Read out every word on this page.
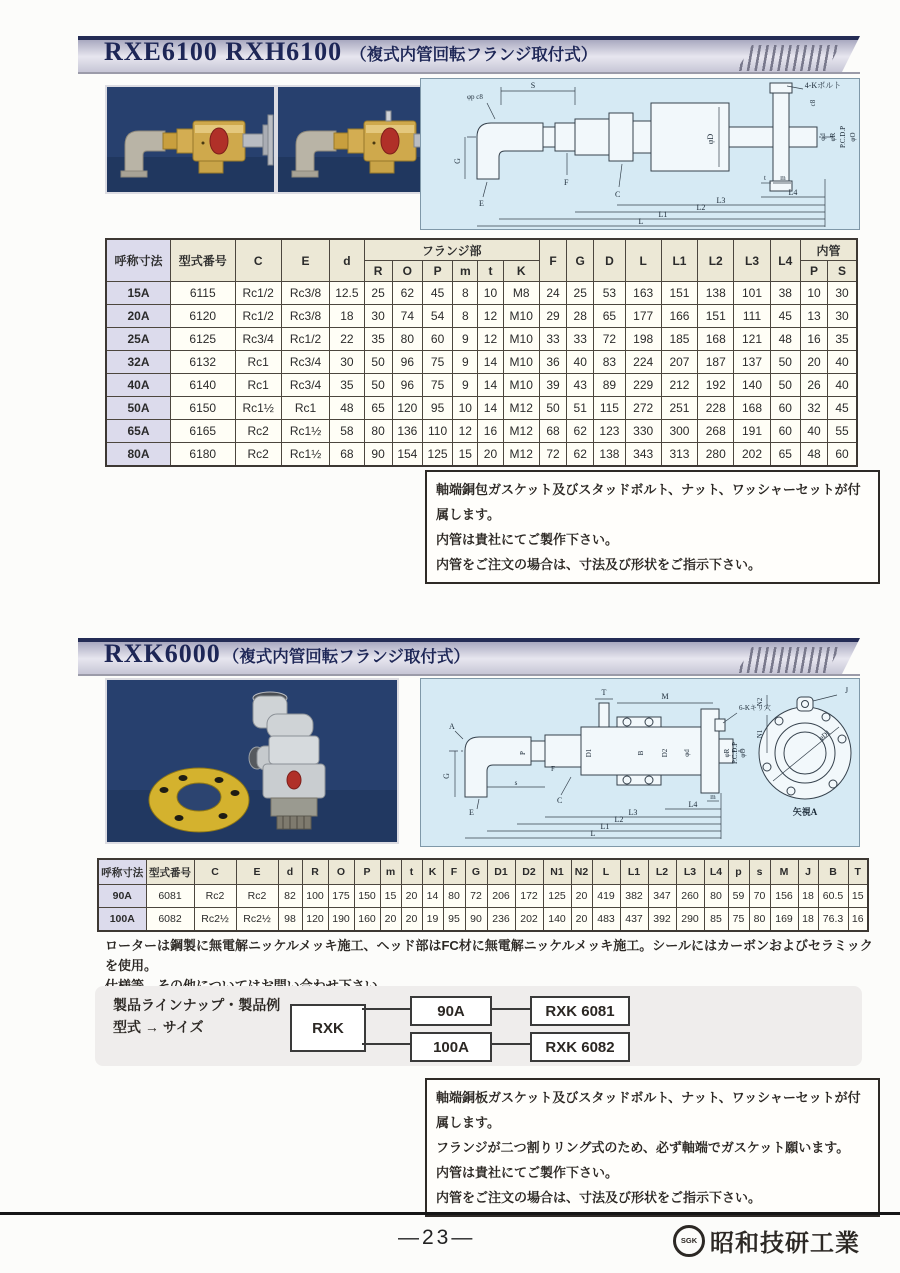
RXE6100 RXH6100 （複式内管回転フランジ取付式）
S
φp c8
4-Kボルト
G
E
F
C
φD
c8
φd φR P.C.D.P φO
t m
L4
L3
L2
L1
L
呼称寸法	型式番号	C	E	d	フランジ部						F	G	D	L	L1	L2	L3	L4	内管	
					R	O	P	m	t	K									P	S
15A	6115	Rc1/2	Rc3/8	12.5	25	62	45	8	10	M8	24	25	53	163	151	138	101	38	10	30
20A	6120	Rc1/2	Rc3/8	18	30	74	54	8	12	M10	29	28	65	177	166	151	111	45	13	30
25A	6125	Rc3/4	Rc1/2	22	35	80	60	9	12	M10	33	33	72	198	185	168	121	48	16	35
32A	6132	Rc1	Rc3/4	30	50	96	75	9	14	M10	36	40	83	224	207	187	137	50	20	40
40A	6140	Rc1	Rc3/4	35	50	96	75	9	14	M10	39	43	89	229	212	192	140	50	26	40
50A	6150	Rc1½	Rc1	48	65	120	95	10	14	M12	50	51	115	272	251	228	168	60	32	45
65A	6165	Rc2	Rc1½	58	80	136	110	12	16	M12	68	62	123	330	300	268	191	60	40	55
80A	6180	Rc2	Rc1½	68	90	154	125	15	20	M12	72	62	138	343	313	280	202	65	48	60
軸端銅包ガスケット及びスタッドボルト、ナット、ワッシャーセットが付属します。
内管は貴社にてご製作下さい。
内管をご注文の場合は、寸法及び形状をご指示下さい。
RXK6000 （複式内管回転フランジ取付式）
T	M
6-Kキリ穴
A
G
E
P
F
D1	B D2 φd	φR P.C.D.P φO
s
C	m
L4
L3
L2
L1
L
N1
N2
J
φD1
矢視A
呼称寸法	型式番号	C	E	d	R	O	P	m	t	K	F	G	D1	D2	N1	N2	L	L1	L2	L3	L4	p	s	M	J	B	T
90A	6081	Rc2	Rc2	82	100	175	150	15	20	14	80	72	206	172	125	20	419	382	347	260	80	59	70	156	18	60.5	15
100A	6082	Rc2½	Rc2½	98	120	190	160	20	20	19	95	90	236	202	140	20	483	437	392	290	85	75	80	169	18	76.3	16
ローターは鋼製に無電解ニッケルメッキ施工、ヘッド部はFC材に無電解ニッケルメッキ施工。シールにはカーボンおよびセラミックを使用。
製品ラインナップ・製品例
型式 → サイズ	RXK
90A
100A
RXK 6081
RXK 6082
軸端銅板ガスケット及びスタッドボルト、ナット、ワッシャーセットが付属します。
フランジが二つ割りリング式のため、必ず軸端でガスケット願います。
内管は貴社にてご製作下さい。
内管をご注文の場合は、寸法及び形状をご指示下さい。
—23—	SGK 昭和技研工業
